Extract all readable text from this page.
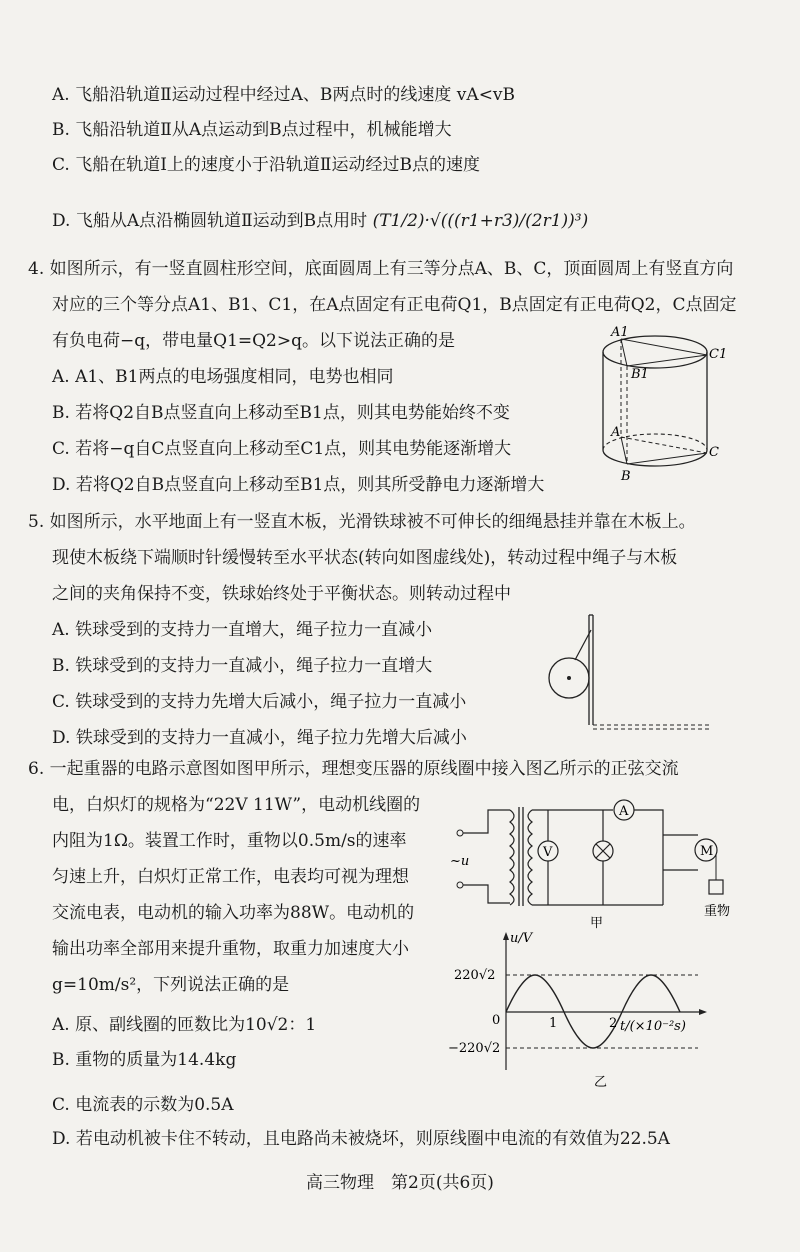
A. 飞船沿轨道Ⅱ运动过程中经过A、B两点时的线速度 vA<vB
B. 飞船沿轨道Ⅱ从A点运动到B点过程中，机械能增大
C. 飞船在轨道Ⅰ上的速度小于沿轨道Ⅱ运动经过B点的速度
D. 飞船从A点沿椭圆轨道Ⅱ运动到B点用时 (T1/2)·√(((r1+r3)/(2r1))³)
4. 如图所示，有一竖直圆柱形空间，底面圆周上有三等分点A、B、C，顶面圆周上有竖直方向
对应的三个等分点A1、B1、C1，在A点固定有正电荷Q1，B点固定有正电荷Q2，C点固定
有负电荷−q，带电量Q1=Q2>q。以下说法正确的是
A. A1、B1两点的电场强度相同，电势也相同
B. 若将Q2自B点竖直向上移动至B1点，则其电势能始终不变
C. 若将−q自C点竖直向上移动至C1点，则其电势能逐渐增大
D. 若将Q2自B点竖直向上移动至B1点，则其所受静电力逐渐增大
A1
C1
B1
A
C
B
5. 如图所示，水平地面上有一竖直木板，光滑铁球被不可伸长的细绳悬挂并靠在木板上。
现使木板绕下端顺时针缓慢转至水平状态(转向如图虚线处)，转动过程中绳子与木板
之间的夹角保持不变，铁球始终处于平衡状态。则转动过程中
A. 铁球受到的支持力一直增大，绳子拉力一直减小
B. 铁球受到的支持力一直减小，绳子拉力一直增大
C. 铁球受到的支持力先增大后减小，绳子拉力一直减小
D. 铁球受到的支持力一直减小，绳子拉力先增大后减小
6. 一起重器的电路示意图如图甲所示，理想变压器的原线圈中接入图乙所示的正弦交流
电，白炽灯的规格为“22V 11W”，电动机线圈的
内阻为1Ω。装置工作时，重物以0.5m/s的速率
匀速上升，白炽灯正常工作，电表均可视为理想
交流电表，电动机的输入功率为88W。电动机的
输出功率全部用来提升重物，取重力加速度大小
g=10m/s²，下列说法正确的是
A. 原、副线圈的匝数比为10√2：1
B. 重物的质量为14.4kg
C. 电流表的示数为0.5A
D. 若电动机被卡住不转动，且电路尚未被烧坏，则原线圈中电流的有效值为22.5A
~u
V
A
M
重物
甲
u/V
t/(×10⁻²s)
220√2
−220√2
0	1	2
乙
高三物理　第2页(共6页)
